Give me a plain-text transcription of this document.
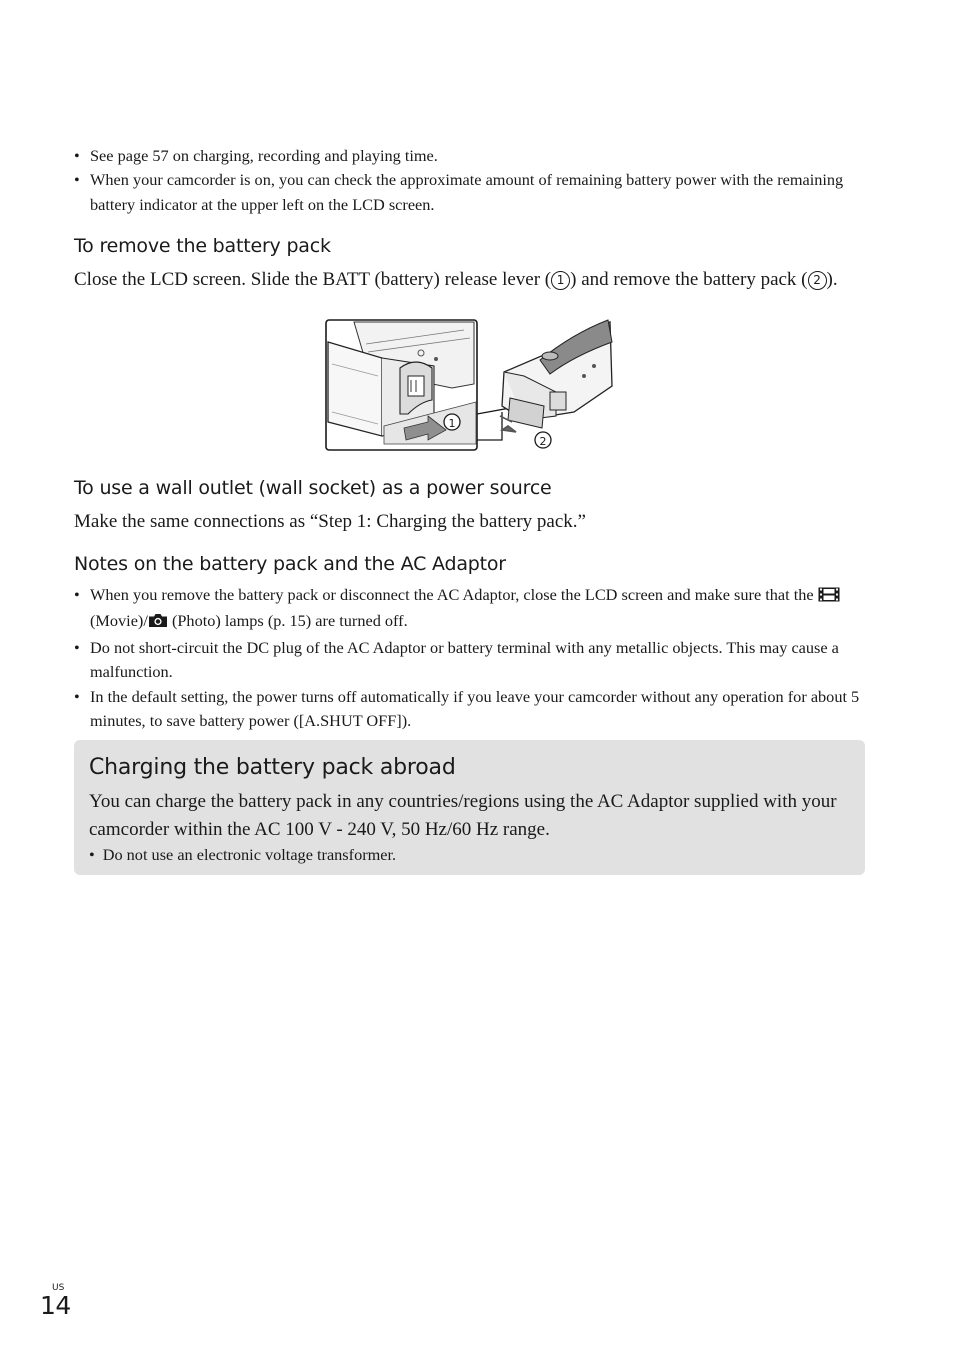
• See page 57 on charging, recording and playing time.
• When your camcorder is on, you can check the approximate amount of remaining battery power with the remaining battery indicator at the upper left on the LCD screen.
To remove the battery pack

Close the LCD screen. Slide the BATT (battery) release lever ( 1 ) and remove the battery pack ( 2 ).

1
2
To use a wall outlet (wall socket) as a power source

Make the same connections as “Step 1: Charging the battery pack.”

Notes on the battery pack and the AC Adaptor
• When you remove the battery pack or disconnect the AC Adaptor, close the LCD screen and make sure that the  (Movie)/ (Photo) lamps (p. 15) are turned off.
• Do not short-circuit the DC plug of the AC Adaptor or battery terminal with any metallic objects. This may cause a malfunction.
• In the default setting, the power turns off automatically if you leave your camcorder without any operation for about 5 minutes, to save battery power ([A.SHUT OFF]).
Charging the battery pack abroad

You can charge the battery pack in any countries/regions using the AC Adaptor supplied with your camcorder within the AC 100 V - 240 V, 50 Hz/60 Hz range.

• Do not use an electronic voltage transformer.
US
14
